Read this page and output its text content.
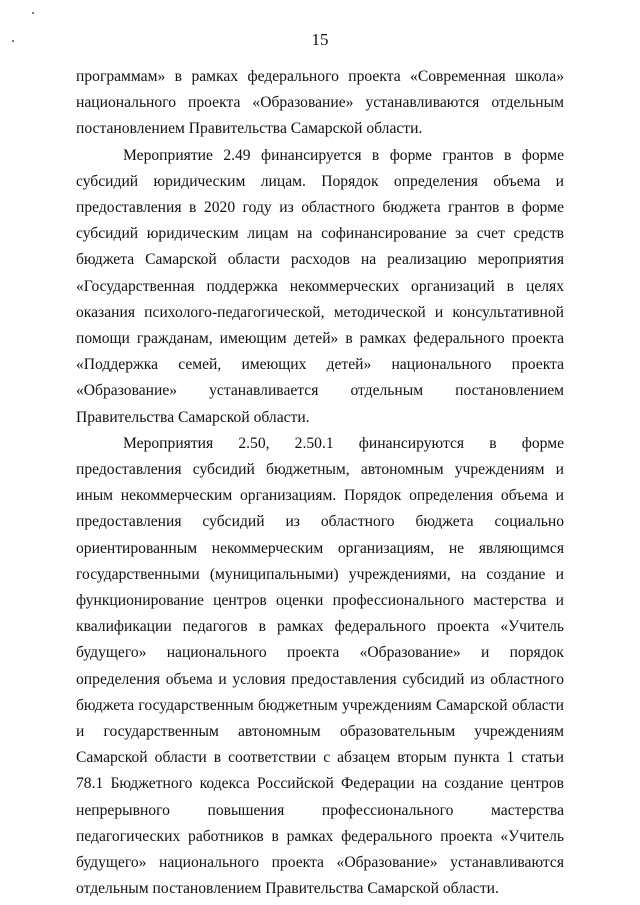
15

программам» в рамках федерального проекта «Современная школа» национального проекта «Образование» устанавливаются отдельным постановлением Правительства Самарской области.

Мероприятие 2.49 финансируется в форме грантов в форме субсидий юридическим лицам. Порядок определения объема и предоставления в 2020 году из областного бюджета грантов в форме субсидий юридическим лицам на софинансирование за счет средств бюджета Самарской области расходов на реализацию мероприятия «Государственная поддержка некоммерческих организаций в целях оказания психолого-педагогической, методической и консультативной помощи гражданам, имеющим детей» в рамках федерального проекта «Поддержка семей, имеющих детей» национального проекта «Образование» устанавливается отдельным постановлением Правительства Самарской области.

Мероприятия 2.50, 2.50.1 финансируются в форме предоставления субсидий бюджетным, автономным учреждениям и иным некоммерческим организациям. Порядок определения объема и предоставления субсидий из областного бюджета социально ориентированным некоммерческим организациям, не являющимся государственными (муниципальными) учреждениями, на создание и функционирование центров оценки профессионального мастерства и квалификации педагогов в рамках федерального проекта «Учитель будущего» национального проекта «Образование» и порядок определения объема и условия предоставления субсидий из областного бюджета государственным бюджетным учреждениям Самарской области и государственным автономным образовательным учреждениям Самарской области в соответствии с абзацем вторым пункта 1 статьи 78.1 Бюджетного кодекса Российской Федерации на создание центров непрерывного повышения профессионального мастерства педагогических работников в рамках федерального проекта «Учитель будущего» национального проекта «Образование» устанавливаются отдельным постановлением Правительства Самарской области.
